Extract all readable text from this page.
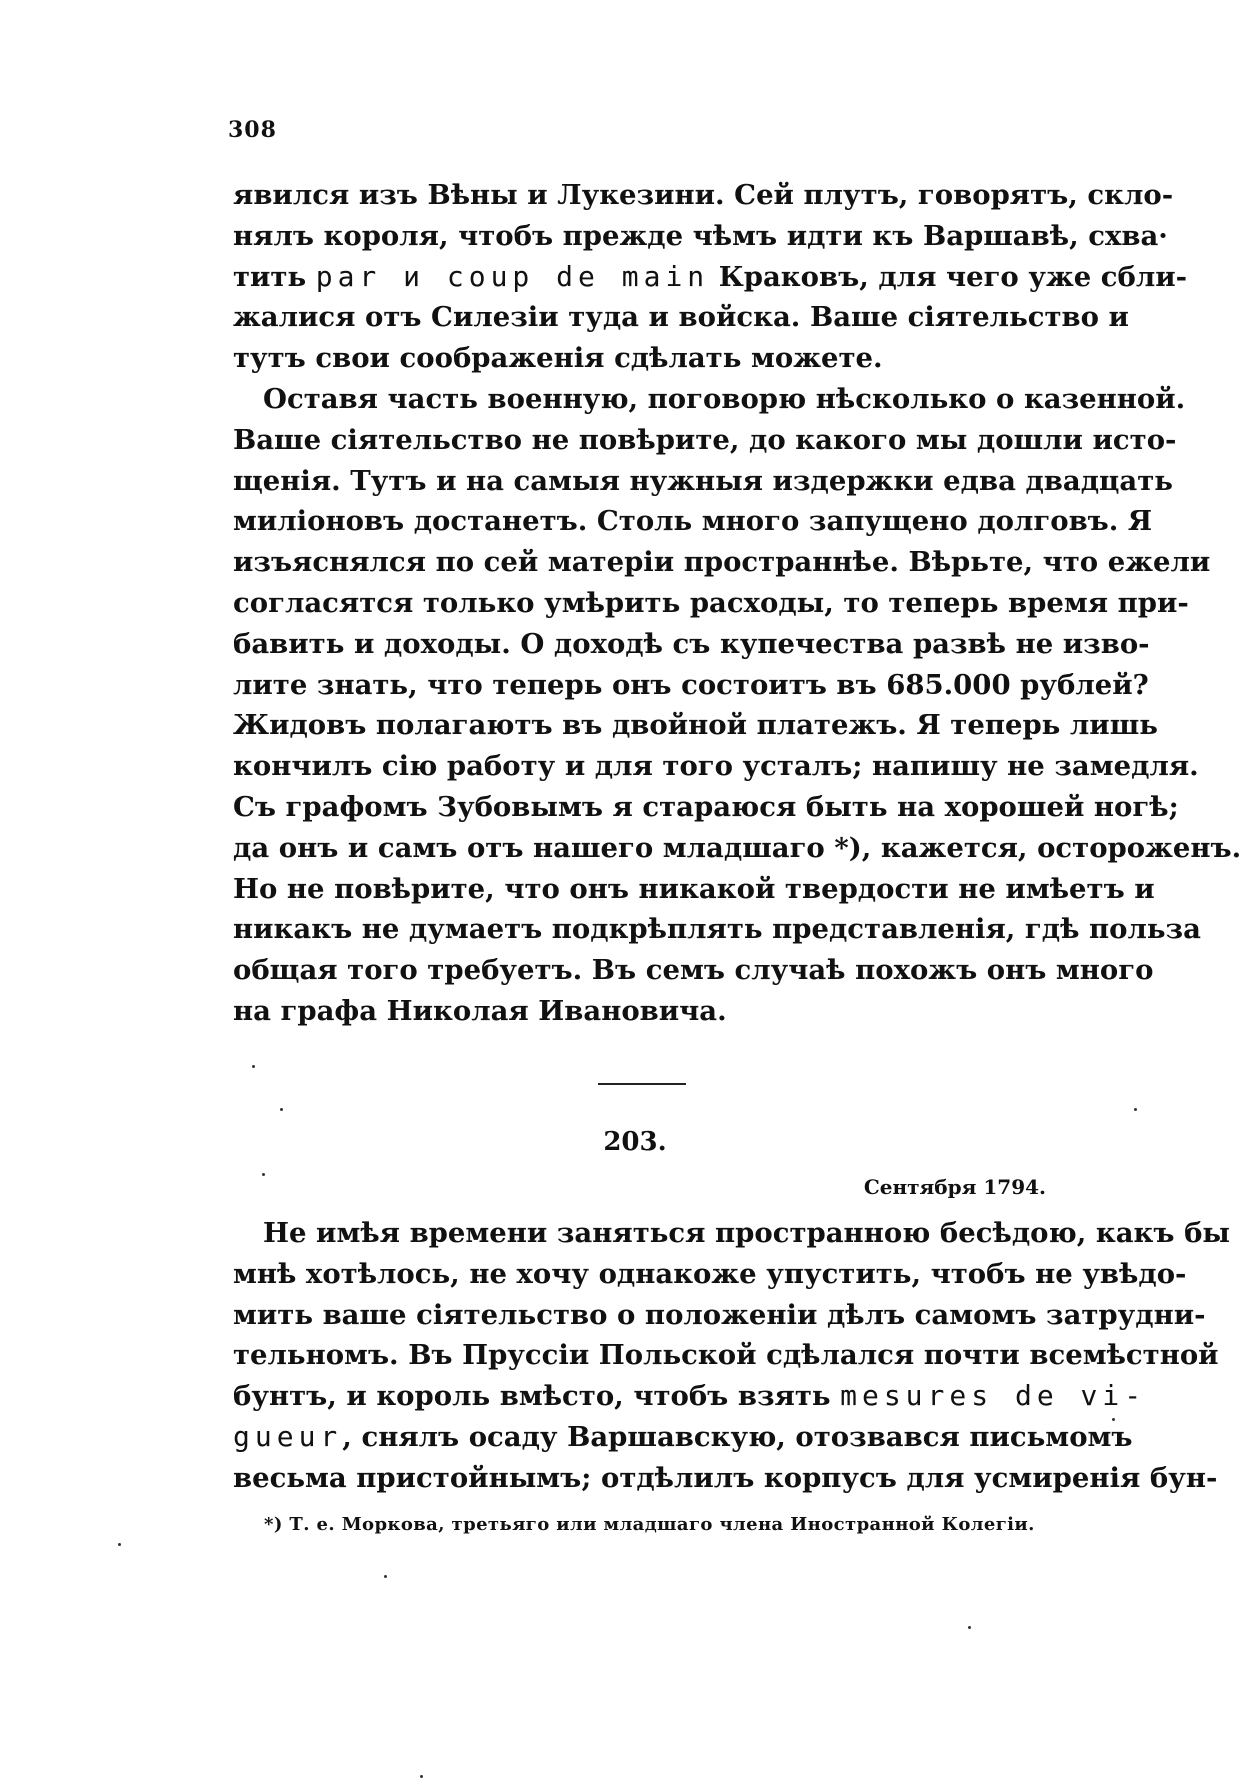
308
явился изъ Вѣны и Лукезини. Сей плутъ, говорятъ, скло-
нялъ короля, чтобъ прежде чѣмъ идти къ Варшавѣ, схва·
тить par и coup de main Краковъ, для чего уже сбли-
жалися отъ Силезіи туда и войска. Ваше сіятельство и
тутъ свои соображенія сдѣлать можете.
Оставя часть военную, поговорю нѣсколько о казенной.
Ваше сіятельство не повѣрите, до какого мы дошли исто-
щенія. Тутъ и на самыя нужныя издержки едва двадцать
миліоновъ достанетъ. Столь много запущено долговъ. Я
изъяснялся по сей матеріи пространнѣе. Вѣрьте, что ежели
согласятся только умѣрить расходы, то теперь время при-
бавить и доходы. О доходѣ съ купечества развѣ не изво-
лите знать, что теперь онъ состоитъ въ 685.000 рублей?
Жидовъ полагаютъ въ двойной платежъ. Я теперь лишь
кончилъ сію работу и для того усталъ; напишу не замедля.
Съ графомъ Зубовымъ я стараюся быть на хорошей ногѣ;
да онъ и самъ отъ нашего младшаго *), кажется, остороженъ.
Но не повѣрите, что онъ никакой твердости не имѣетъ и
никакъ не думаетъ подкрѣплять представленія, гдѣ польза
общая того требуетъ. Въ семъ случаѣ похожъ онъ много
на графа Николая Ивановича.
203.
Сентября 1794.
Не имѣя времени заняться пространною бесѣдою, какъ бы
мнѣ хотѣлось, не хочу однакоже упустить, чтобъ не увѣдо-
мить ваше сіятельство о положеніи дѣлъ самомъ затрудни-
тельномъ. Въ Пруссіи Польской сдѣлался почти всемѣстной
бунтъ, и король вмѣсто, чтобъ взять mesures de vi-
gueur, снялъ осаду Варшавскую, отозвався письмомъ
весьма пристойнымъ; отдѣлилъ корпусъ для усмиренія бун-
*) Т. е. Моркова, третьяго или младшаго члена Иностранной Колегіи.
